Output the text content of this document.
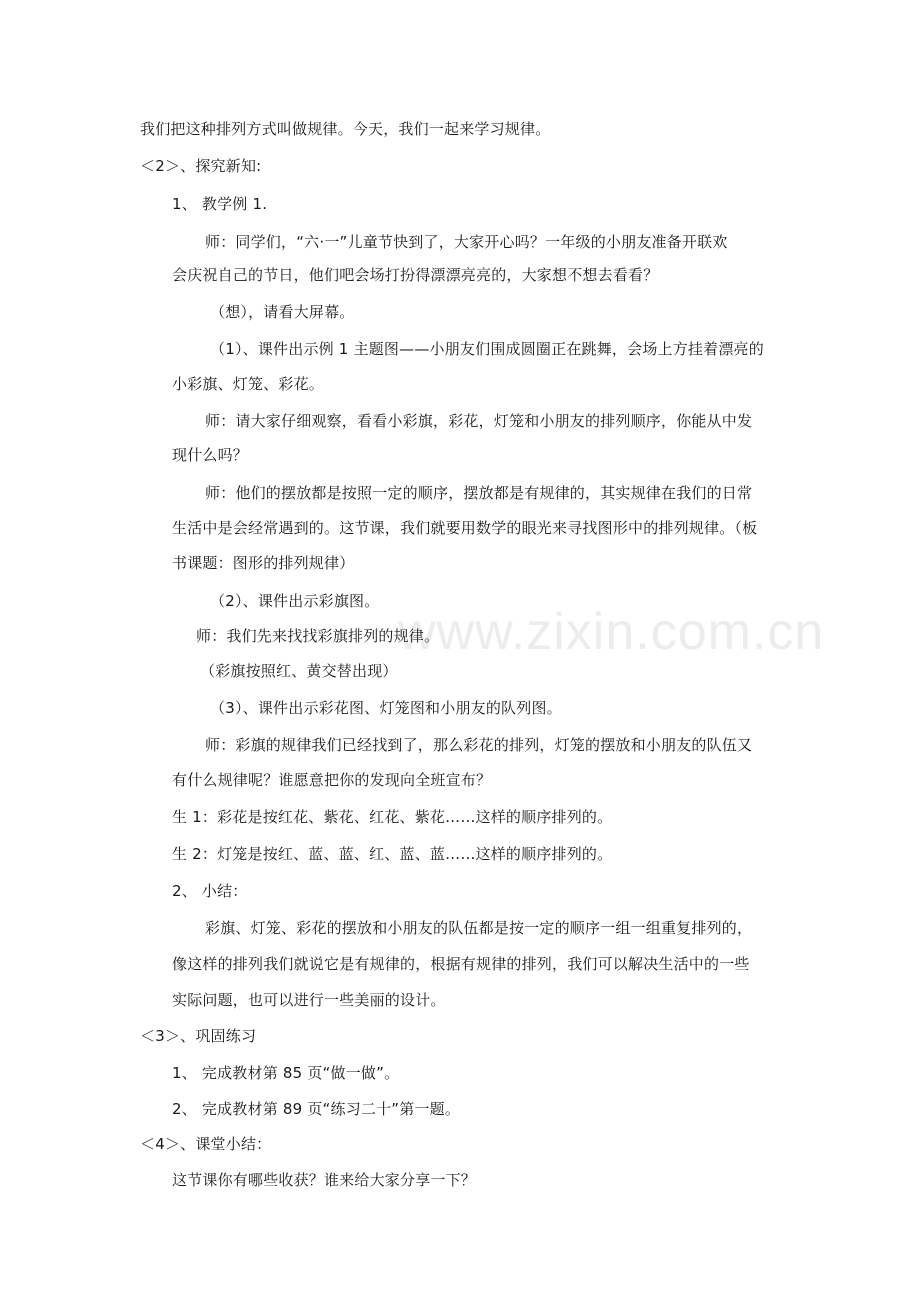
www.zixin.com.cn
我们把这种排列方式叫做规律。今天，我们一起来学习规律。
＜2＞、探究新知:
1、 教学例 1.
师：同学们，“六·一”儿童节快到了，大家开心吗？一年级的小朋友准备开联欢
会庆祝自己的节日，他们吧会场打扮得漂漂亮亮的，大家想不想去看看？
（想），请看大屏幕。
（1）、课件出示例 1 主题图——小朋友们围成圆圈正在跳舞，会场上方挂着漂亮的
小彩旗、灯笼、彩花。
师：请大家仔细观察，看看小彩旗，彩花，灯笼和小朋友的排列顺序，你能从中发
现什么吗？
师：他们的摆放都是按照一定的顺序，摆放都是有规律的，其实规律在我们的日常
生活中是会经常遇到的。这节课，我们就要用数学的眼光来寻找图形中的排列规律。（板
书课题：图形的排列规律）
（2）、课件出示彩旗图。
师：我们先来找找彩旗排列的规律。
（彩旗按照红、黄交替出现）
（3）、课件出示彩花图、灯笼图和小朋友的队列图。
师：彩旗的规律我们已经找到了，那么彩花的排列，灯笼的摆放和小朋友的队伍又
有什么规律呢？谁愿意把你的发现向全班宣布？
生 1：彩花是按红花、紫花、红花、紫花……这样的顺序排列的。
生 2：灯笼是按红、蓝、蓝、红、蓝、蓝……这样的顺序排列的。
2、 小结：
彩旗、灯笼、彩花的摆放和小朋友的队伍都是按一定的顺序一组一组重复排列的，
像这样的排列我们就说它是有规律的，根据有规律的排列，我们可以解决生活中的一些
实际问题，也可以进行一些美丽的设计。
＜3＞、巩固练习
1、 完成教材第 85 页“做一做”。
2、 完成教材第 89 页“练习二十”第一题。
＜4＞、课堂小结：
这节课你有哪些收获？谁来给大家分享一下？
